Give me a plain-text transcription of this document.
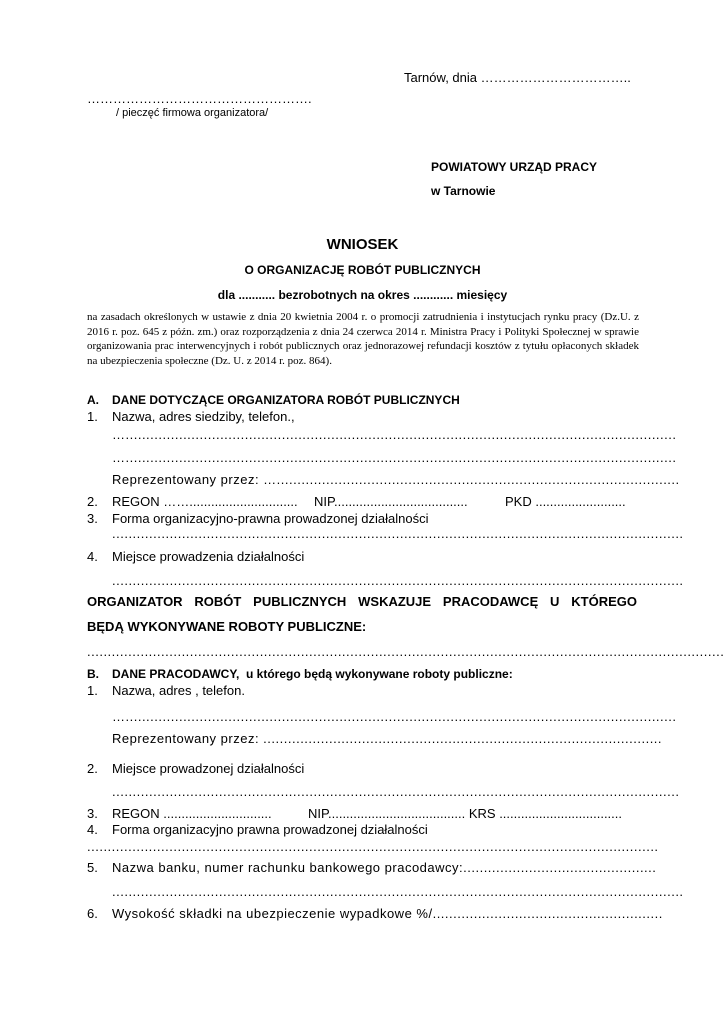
Tarnów, dnia ……………………………..
…………………………………………….
/ pieczęć firmowa organizatora/
POWIATOWY URZĄD PRACY
w Tarnowie
WNIOSEK
O ORGANIZACJĘ ROBÓT PUBLICZNYCH
dla ........... bezrobotnych na okres ............ miesięcy
na zasadach określonych w ustawie z dnia 20 kwietnia 2004 r. o promocji zatrudnienia i instytucjach rynku pracy (Dz.U. z 2016 r. poz. 645 z późn. zm.) oraz rozporządzenia z dnia 24 czerwca 2014 r. Ministra Pracy i Polityki Społecznej w sprawie organizowania prac interwencyjnych i robót publicznych oraz jednorazowej refundacji kosztów z tytułu opłaconych składek na ubezpieczenia społeczne (Dz. U. z 2014 r. poz. 864).
A. DANE DOTYCZĄCE ORGANIZATORA ROBÓT PUBLICZNYCH
1. Nazwa, adres siedziby, telefon.,
…......................................................................................................................................
…......................................................................................................................................
Reprezentowany przez: …..................................................................................................
2. REGON …….............................. NIP.....................................	PKD .........................
3. Forma organizacyjno-prawna prowadzonej działalności
...........................................................................................................................................
4. Miejsce prowadzenia działalności
...........................................................................................................................................
ORGANIZATOR ROBÓT PUBLICZNYCH WSKAZUJE PRACODAWCĘ U KTÓREGO
BĘDĄ WYKONYWANE ROBOTY PUBLICZNE:
...........................................................................................................................................................
B. DANE PRACODAWCY, u którego będą wykonywane roboty publiczne:
1. Nazwa, adres , telefon.
…......................................................................................................................................
Reprezentowany przez: .................................................................................................
2. Miejsce prowadzonej działalności
..........................................................................................................................................
3. REGON ..............................	NIP...................................... KRS ..................................
4. Forma organizacyjno prawna prowadzonej działalności
...........................................................................................................................................
5. Nazwa banku, numer rachunku bankowego pracodawcy:...............................................
...........................................................................................................................................
6. Wysokość składki na ubezpieczenie wypadkowe %/........................................................
